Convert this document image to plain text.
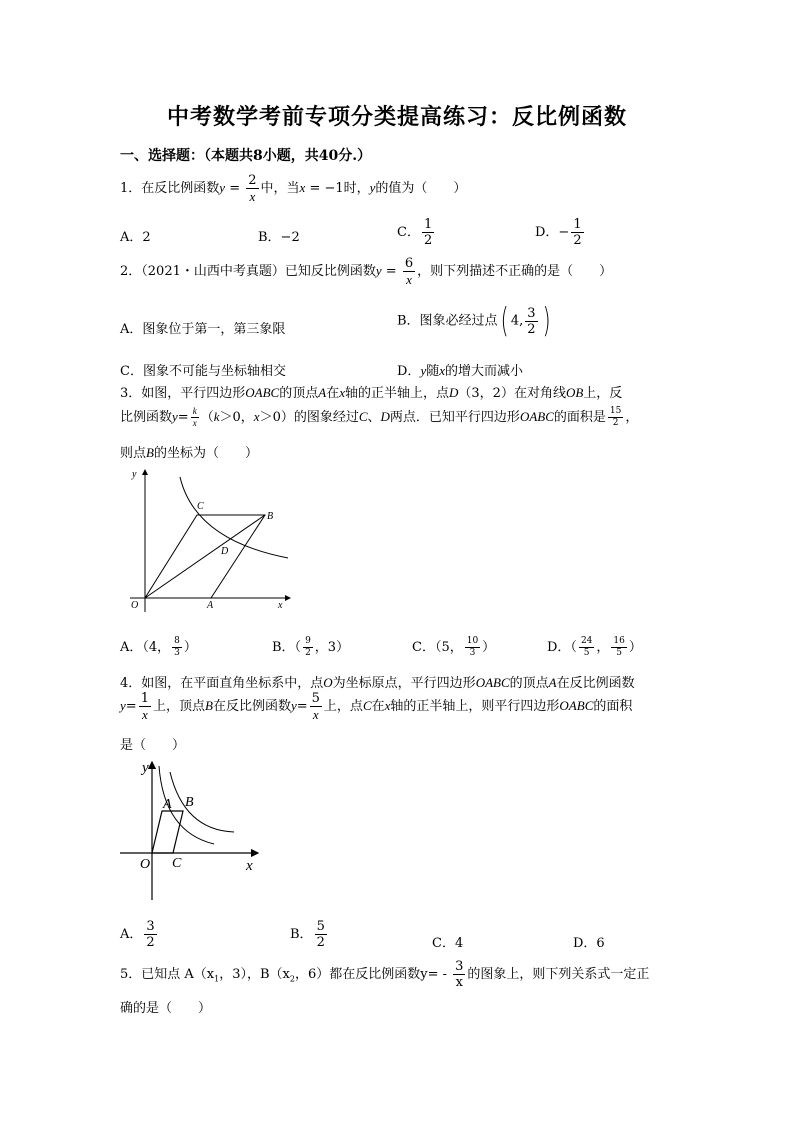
中考数学考前专项分类提高练习：反比例函数
一、选择题：（本题共8小题，共40分.）
1．在反比例函数$y = \frac{2}{x}$ 中，当x = −1时，y的值为（　　）
A．2	B．−2	C． $\frac{1}{2}$	D．− $\frac{1}{2}$
2．（2021・山西中考真题）已知反比例函数$y = \frac{6}{x}$ ，则下列描述不正确的是（　　）
A．图象位于第一，第三象限
B．图象必经过点( 4, $\frac{3}{2}$ )
C．图象不可能与坐标轴相交	D．y随x的增大而减小
3．如图，平行四边形OABC的顶点A在x轴的正半轴上，点D（3，2）在对角线OB上，反
比例函数$y= \frac{k}{x} (k>0$，x＞0）的图象经过C、D两点．已知平行四边形OABC的面积是 $\frac{15}{2}$ ，
则点B的坐标为（　　）
y
x
O	A
B
C
D
A．（4， $\frac{8}{3}$ ）	B．（ $\frac{9}{2}$ ，3）	C．（5， $\frac{10}{3}$ ）	D．（ $\frac{24}{5}$ ， $\frac{16}{5}$ ）
4．如图，在平面直角坐标系中，点O为坐标原点，平行四边形OABC的顶点A在反比例函数
$y= \frac{1}{x}$ 上，顶点B在反比例函数$y= \frac{5}{x}$ 上，点C在x轴的正半轴上，则平行四边形OABC的面积
是（　　）
y
x
O
A B
C
A． $\frac{3}{2}$	B． $\frac{5}{2}$	C．4	D．6
5．已知点 $A(x_1$，3），$B(x_2$，6）都在反比例函数$y= - \frac{3}{x}$ 的图象上，则下列关系式一定正
确的是（　　）
